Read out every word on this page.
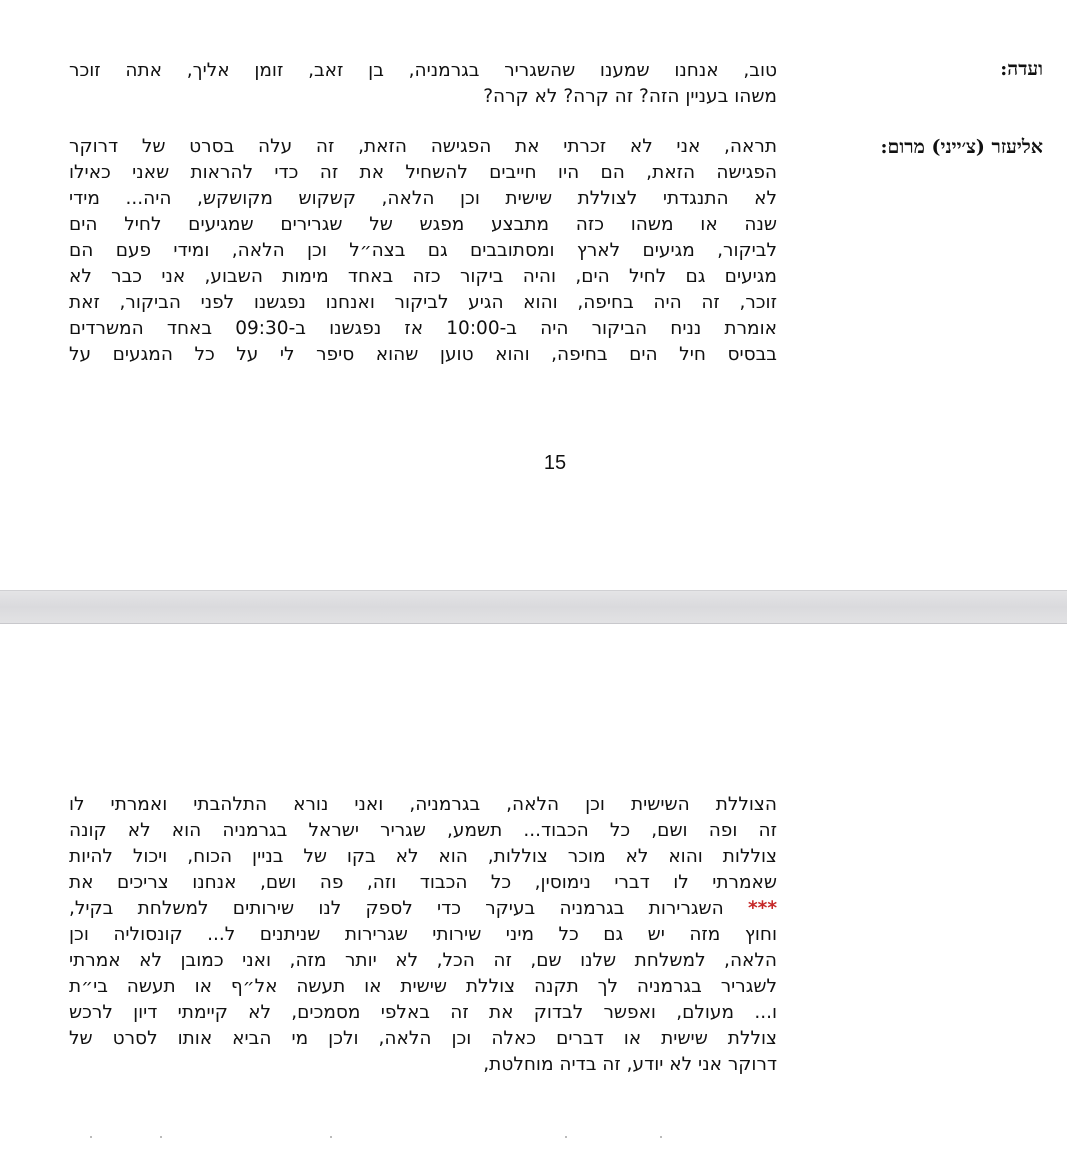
ועדה:
טוב, אנחנו שמענו שהשגריר בגרמניה, בן זאב, זומן אליך, אתה זוכר
משהו בעניין הזה? זה קרה? לא קרה?
אליעזר (צ׳ייני) מרום:
תראה, אני לא זכרתי את הפגישה הזאת, זה עלה בסרט של דרוקר
הפגישה הזאת, הם היו חייבים להשחיל את זה כדי להראות שאני כאילו
לא התנגדתי לצוללת שישית וכן הלאה, קשקוש מקושקש, היה... מידי
שנה או משהו כזה מתבצע מפגש של שגרירים שמגיעים לחיל הים
לביקור, מגיעים לארץ ומסתובבים גם בצה״ל וכן הלאה, ומידי פעם הם
מגיעים גם לחיל הים, והיה ביקור כזה באחד מימות השבוע, אני כבר לא
זוכר, זה היה בחיפה, והוא הגיע לביקור ואנחנו נפגשנו לפני הביקור, זאת
אומרת נניח הביקור היה ב-10:00 אז נפגשנו ב-09:30 באחד המשרדים
בבסיס חיל הים בחיפה, והוא טוען שהוא סיפר לי על כל המגעים על
15
הצוללת השישית וכן הלאה, בגרמניה, ואני נורא התלהבתי ואמרתי לו
זה ופה ושם, כל הכבוד... תשמע, שגריר ישראל בגרמניה הוא לא קונה
צוללות והוא לא מוכר צוללות, הוא לא בקו של בניין הכוח, ויכול להיות
שאמרתי לו דברי נימוסין, כל הכבוד וזה, פה ושם, אנחנו צריכים את
*** השגרירות בגרמניה בעיקר כדי לספק לנו שירותים למשלחת בקיל,
וחוץ מזה יש גם כל מיני שירותי שגרירות שניתנים ל... קונסוליה וכן
הלאה, למשלחת שלנו שם, זה הכל, לא יותר מזה, ואני כמובן לא אמרתי
לשגריר בגרמניה לך תקנה צוללת שישית או תעשה אל״ף או תעשה בי״ת
ו... מעולם, ואפשר לבדוק את זה באלפי מסמכים, לא קיימתי דיון לרכש
צוללת שישית או דברים כאלה וכן הלאה, ולכן מי הביא אותו לסרט של
דרוקר אני לא יודע, זה בדיה מוחלטת,
